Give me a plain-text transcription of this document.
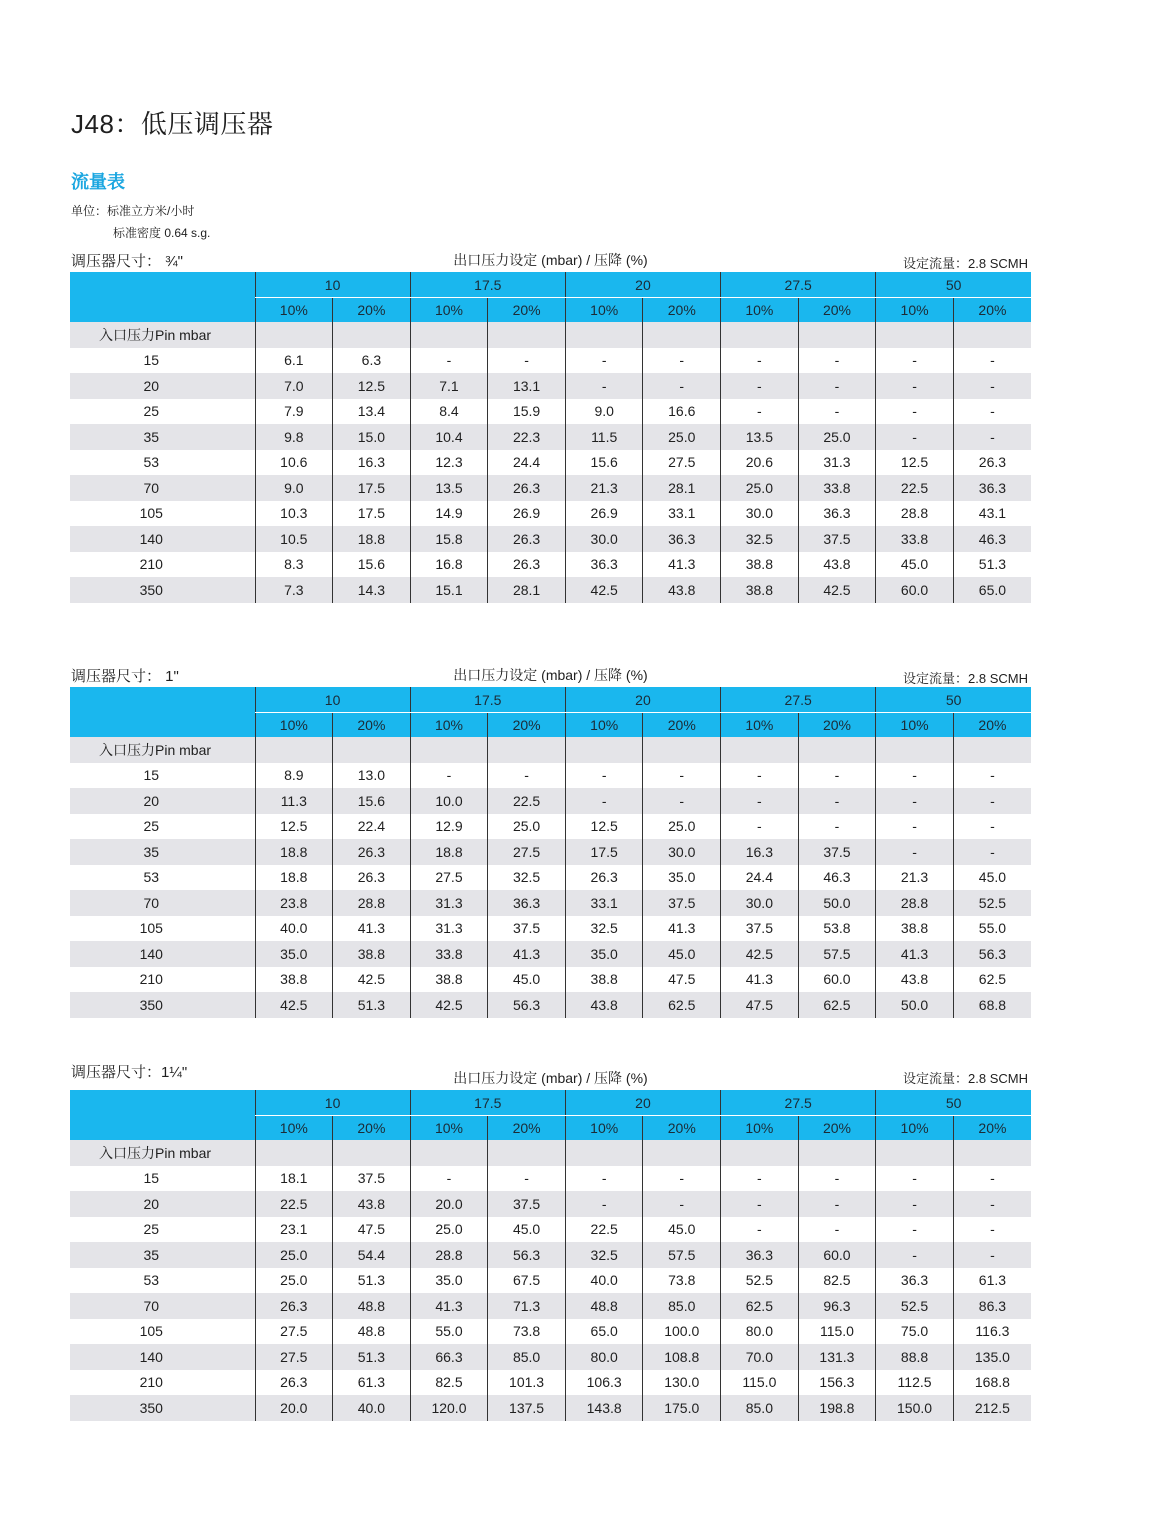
J48：低压调压器
流量表
单位：标准立方米/小时
标准密度 0.64 s.g.
调压器尺寸： ¾"	出口压力设定 (mbar) / 压降 (%)	设定流量：2.8 SCMH
	10		17.5		20		27.5		50	
	10%	20%	10%	20%	10%	20%	10%	20%	10%	20%
入口压力Pin mbar										
15	6.1	6.3	-	-	-	-	-	-	-	-
20	7.0	12.5	7.1	13.1	-	-	-	-	-	-
25	7.9	13.4	8.4	15.9	9.0	16.6	-	-	-	-
35	9.8	15.0	10.4	22.3	11.5	25.0	13.5	25.0	-	-
53	10.6	16.3	12.3	24.4	15.6	27.5	20.6	31.3	12.5	26.3
70	9.0	17.5	13.5	26.3	21.3	28.1	25.0	33.8	22.5	36.3
105	10.3	17.5	14.9	26.9	26.9	33.1	30.0	36.3	28.8	43.1
140	10.5	18.8	15.8	26.3	30.0	36.3	32.5	37.5	33.8	46.3
210	8.3	15.6	16.8	26.3	36.3	41.3	38.8	43.8	45.0	51.3
350	7.3	14.3	15.1	28.1	42.5	43.8	38.8	42.5	60.0	65.0
调压器尺寸： 1"	出口压力设定 (mbar) / 压降 (%)	设定流量：2.8 SCMH
	10		17.5		20		27.5		50	
	10%	20%	10%	20%	10%	20%	10%	20%	10%	20%
入口压力Pin mbar										
15	8.9	13.0	-	-	-	-	-	-	-	-
20	11.3	15.6	10.0	22.5	-	-	-	-	-	-
25	12.5	22.4	12.9	25.0	12.5	25.0	-	-	-	-
35	18.8	26.3	18.8	27.5	17.5	30.0	16.3	37.5	-	-
53	18.8	26.3	27.5	32.5	26.3	35.0	24.4	46.3	21.3	45.0
70	23.8	28.8	31.3	36.3	33.1	37.5	30.0	50.0	28.8	52.5
105	40.0	41.3	31.3	37.5	32.5	41.3	37.5	53.8	38.8	55.0
140	35.0	38.8	33.8	41.3	35.0	45.0	42.5	57.5	41.3	56.3
210	38.8	42.5	38.8	45.0	38.8	47.5	41.3	60.0	43.8	62.5
350	42.5	51.3	42.5	56.3	43.8	62.5	47.5	62.5	50.0	68.8
调压器尺寸：1¼"	出口压力设定 (mbar) / 压降 (%)	设定流量：2.8 SCMH
	10		17.5		20		27.5		50	
	10%	20%	10%	20%	10%	20%	10%	20%	10%	20%
入口压力Pin mbar										
15	18.1	37.5	-	-	-	-	-	-	-	-
20	22.5	43.8	20.0	37.5	-	-	-	-	-	-
25	23.1	47.5	25.0	45.0	22.5	45.0	-	-	-	-
35	25.0	54.4	28.8	56.3	32.5	57.5	36.3	60.0	-	-
53	25.0	51.3	35.0	67.5	40.0	73.8	52.5	82.5	36.3	61.3
70	26.3	48.8	41.3	71.3	48.8	85.0	62.5	96.3	52.5	86.3
105	27.5	48.8	55.0	73.8	65.0	100.0	80.0	115.0	75.0	116.3
140	27.5	51.3	66.3	85.0	80.0	108.8	70.0	131.3	88.8	135.0
210	26.3	61.3	82.5	101.3	106.3	130.0	115.0	156.3	112.5	168.8
350	20.0	40.0	120.0	137.5	143.8	175.0	85.0	198.8	150.0	212.5
